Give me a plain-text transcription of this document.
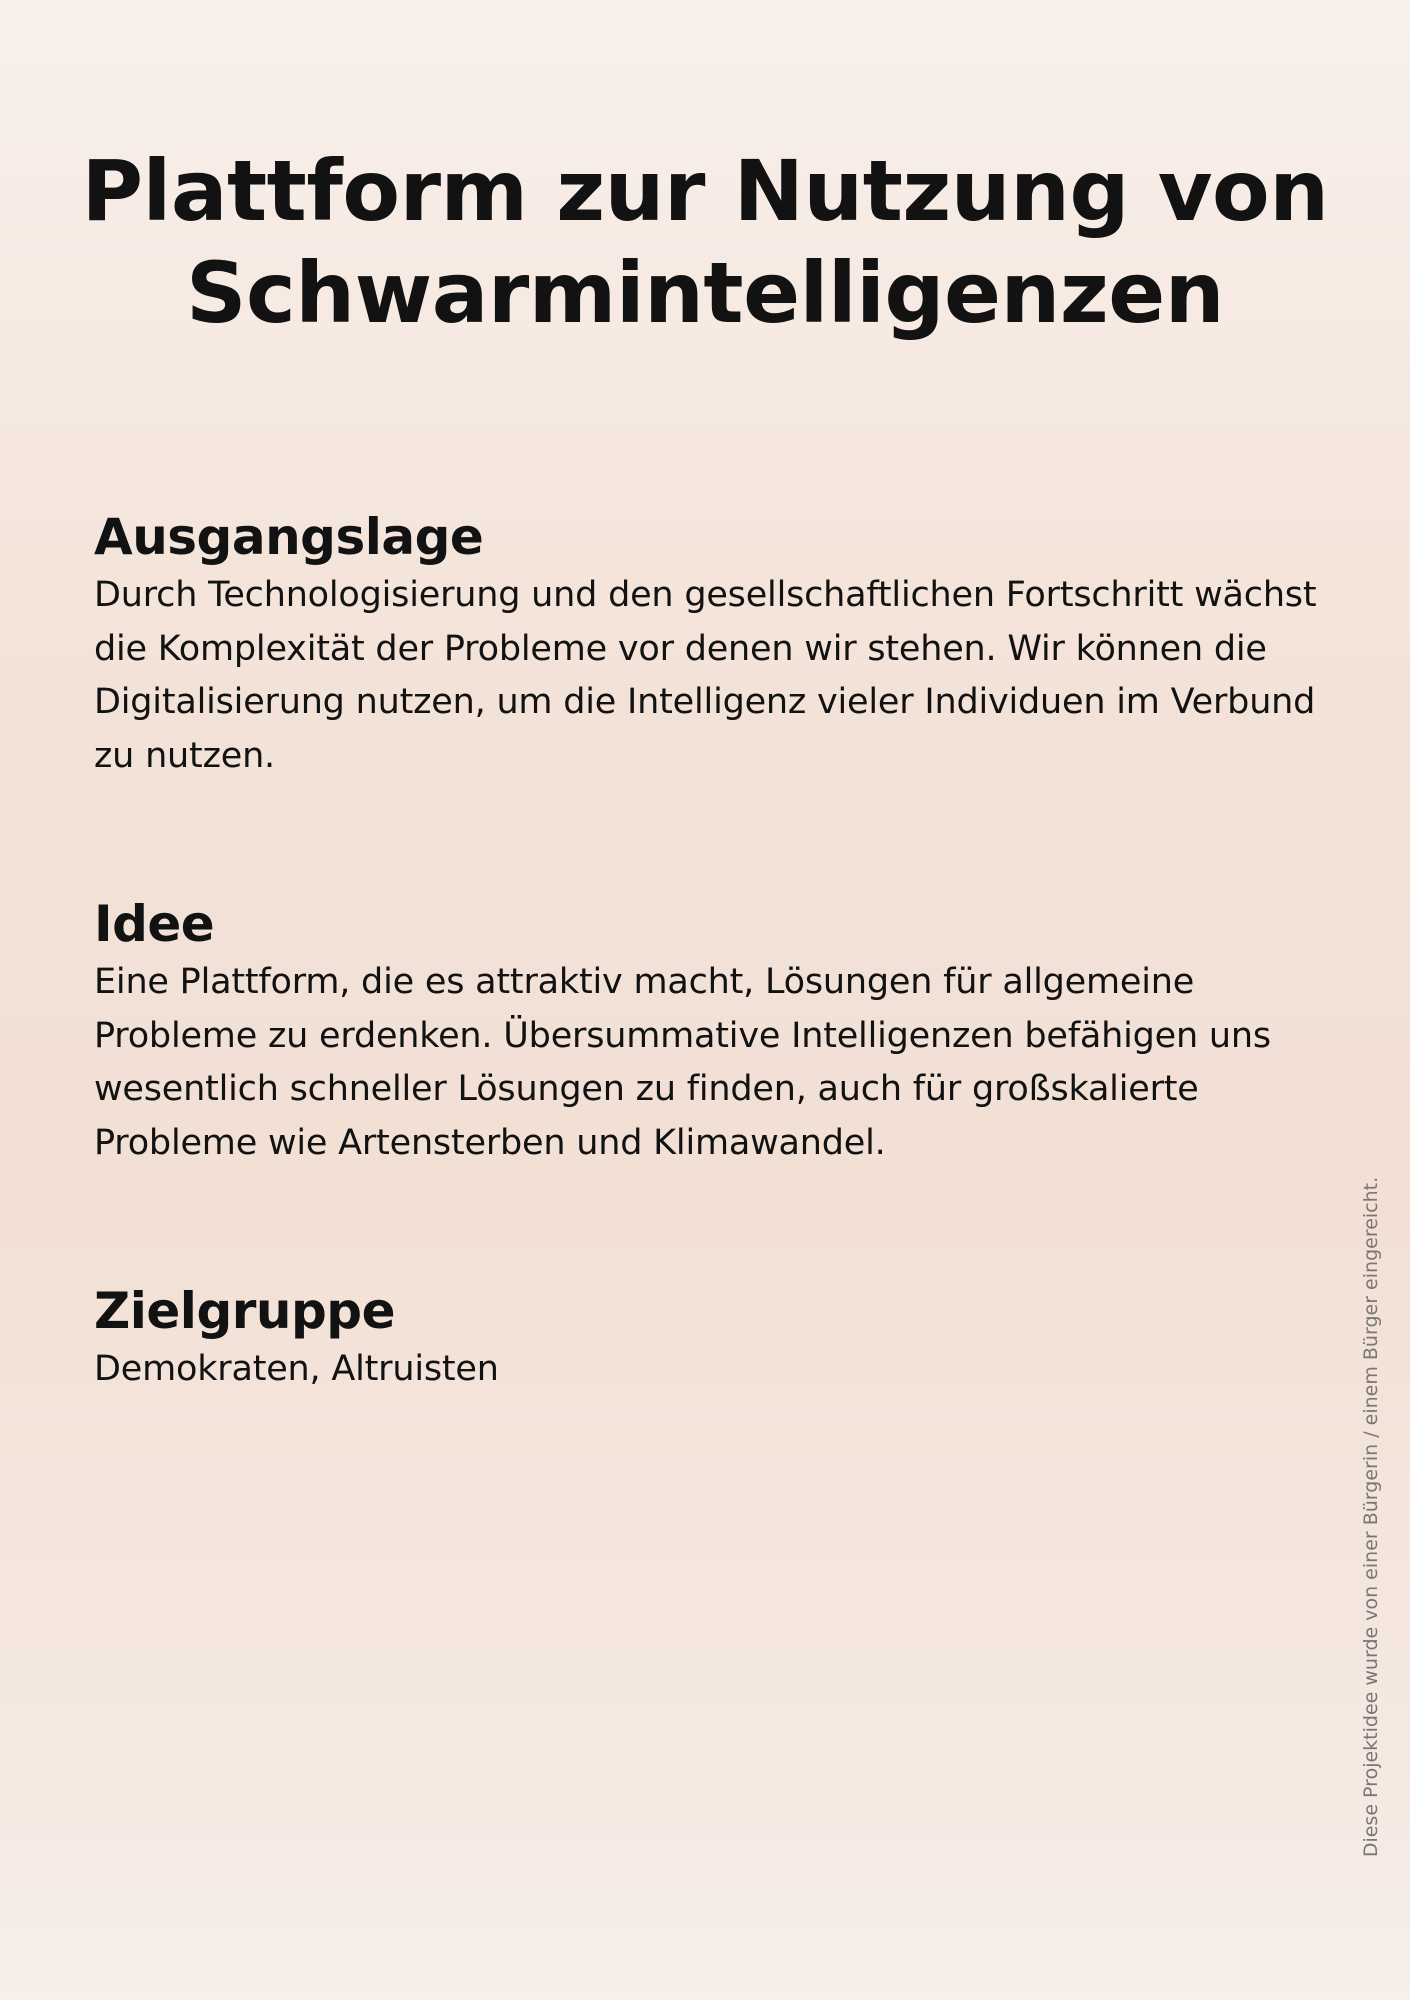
Plattform zur Nutzung von Schwarmintelligenzen
Ausgangslage

Durch Technologisierung und den gesellschaftlichen Fortschritt wächst die Komplexität der Probleme vor denen wir stehen. Wir können die Digitalisierung nutzen, um die Intelligenz vieler Individuen im Verbund zu nutzen.

Idee

Eine Plattform, die es attraktiv macht, Lösungen für allgemeine Probleme zu erdenken. Übersummative Intelligenzen befähigen uns wesentlich schneller Lösungen zu finden, auch für großskalierte Probleme wie Artensterben und Klimawandel.

Zielgruppe

Demokraten, Altruisten	Diese Projektidee wurde von einer Bürgerin / einem Bürger eingereicht.
